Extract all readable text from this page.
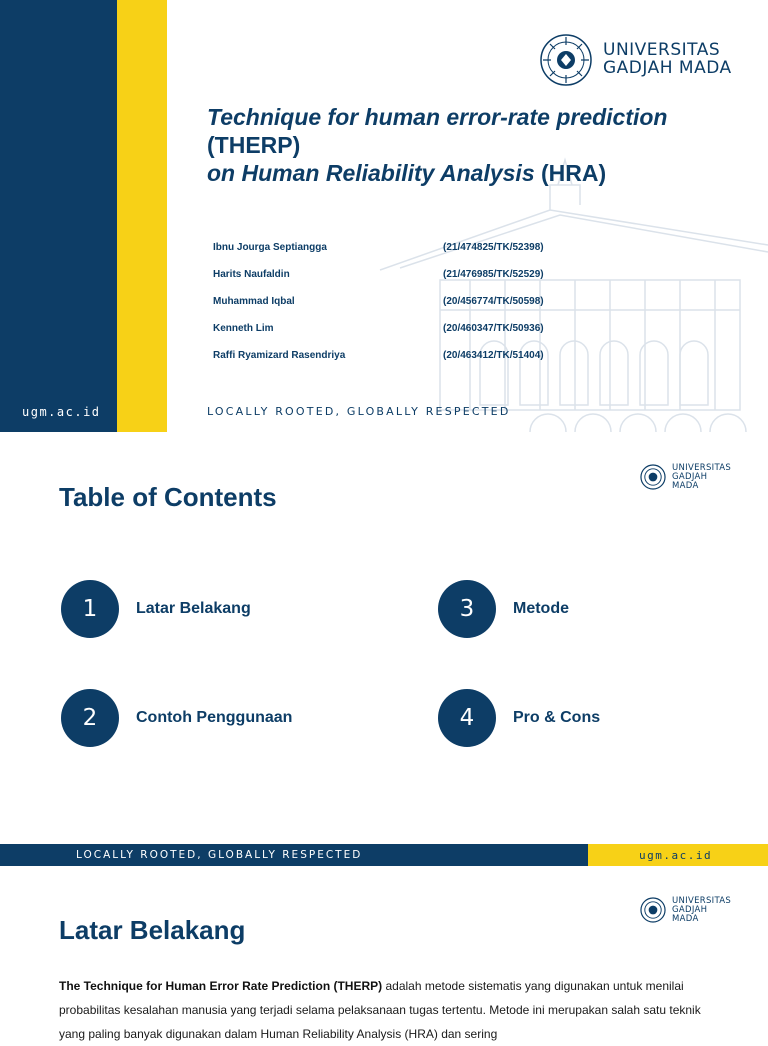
ugm.ac.id
UNIVERSITAS
GADJAH MADA
Technique for human error-rate prediction
(THERP)
on Human Reliability Analysis (HRA)
Ibnu Jourga Septiangga	(21/474825/TK/52398)
Harits Naufaldin	(21/476985/TK/52529)
Muhammad Iqbal	(20/456774/TK/50598)
Kenneth Lim	(20/460347/TK/50936)
Raffi Ryamizard Rasendriya	(20/463412/TK/51404)
LOCALLY ROOTED, GLOBALLY RESPECTED
UNIVERSITAS
GADJAH MADA
Table of Contents
1	Latar Belakang
2	Contoh Penggunaan
3	Metode
4	Pro & Cons
LOCALLY ROOTED, GLOBALLY RESPECTED	ugm.ac.id
UNIVERSITAS
GADJAH MADA
Latar Belakang

The Technique for Human Error Rate Prediction (THERP) adalah metode sistematis yang digunakan untuk menilai probabilitas kesalahan manusia yang terjadi selama pelaksanaan tugas tertentu. Metode ini merupakan salah satu teknik yang paling banyak digunakan dalam Human Reliability Analysis (HRA) dan sering
